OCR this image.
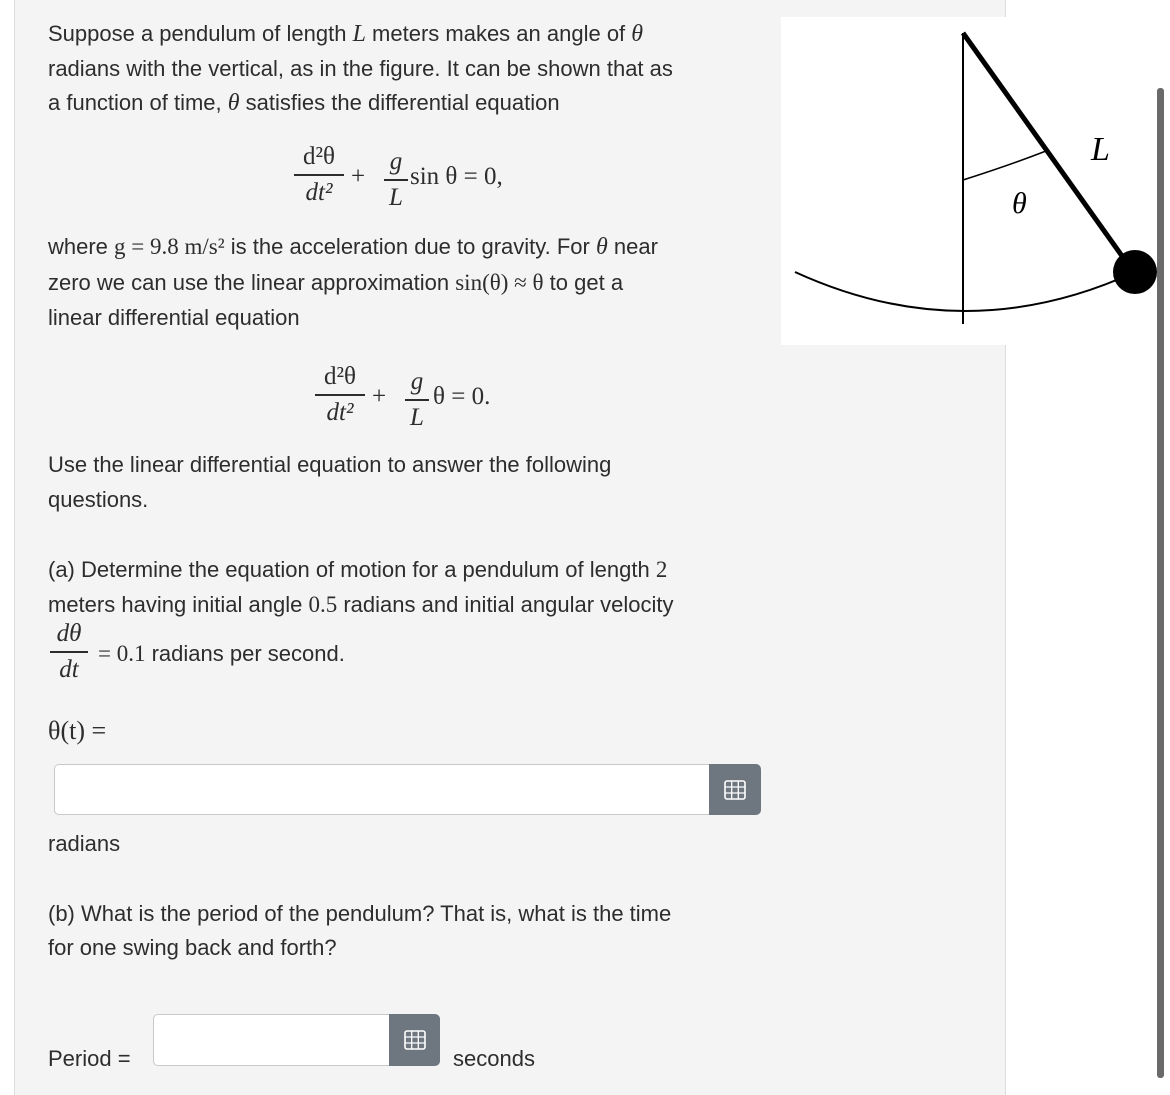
Suppose a pendulum of length L meters makes an angle of θ
radians with the vertical, as in the figure. It can be shown that as
a function of time, θ satisfies the differential equation
d²θ
dt²
+
g
L
sin θ = 0,
where g = 9.8 m/s² is the acceleration due to gravity. For θ near
zero we can use the linear approximation sin(θ) ≈ θ to get a
linear differential equation
d²θ
dt²
+
g
L
θ = 0.
Use the linear differential equation to answer the following
questions.
(a) Determine the equation of motion for a pendulum of length 2
meters having initial angle 0.5 radians and initial angular velocity
dθ
dt
= 0.1 radians per second.
θ(t) =
radians
(b) What is the period of the pendulum? That is, what is the time
for one swing back and forth?
Period =	seconds
L
θ
